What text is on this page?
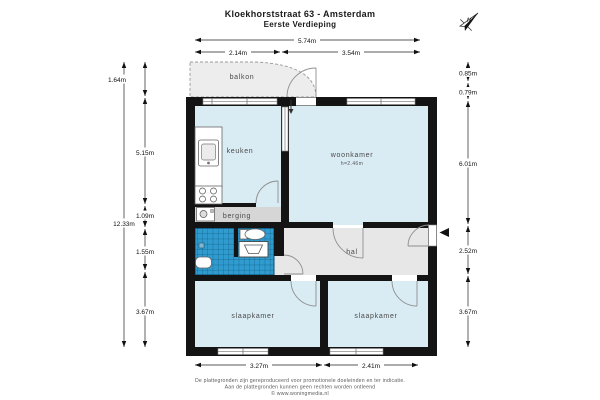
Kloekhorststraat 63 - Amsterdam
Eerste Verdieping	N
balkon
keuken
woonkamer
h=2.46m
berging
hal
slaapkamer	slaapkamer
5.74m
2.14m	3.54m
3.27m	2.41m
12.33m
1.64m
5.15m
1.09m
1.55m
3.67m
0.85m
0.79m
6.01m
2.52m
3.67m
De plattegronden zijn gereproduceerd voor promotionele doeleinden en ter indicatie.
Aan de plattegronden kunnen geen rechten worden ontleend
© www.woningmedia.nl
